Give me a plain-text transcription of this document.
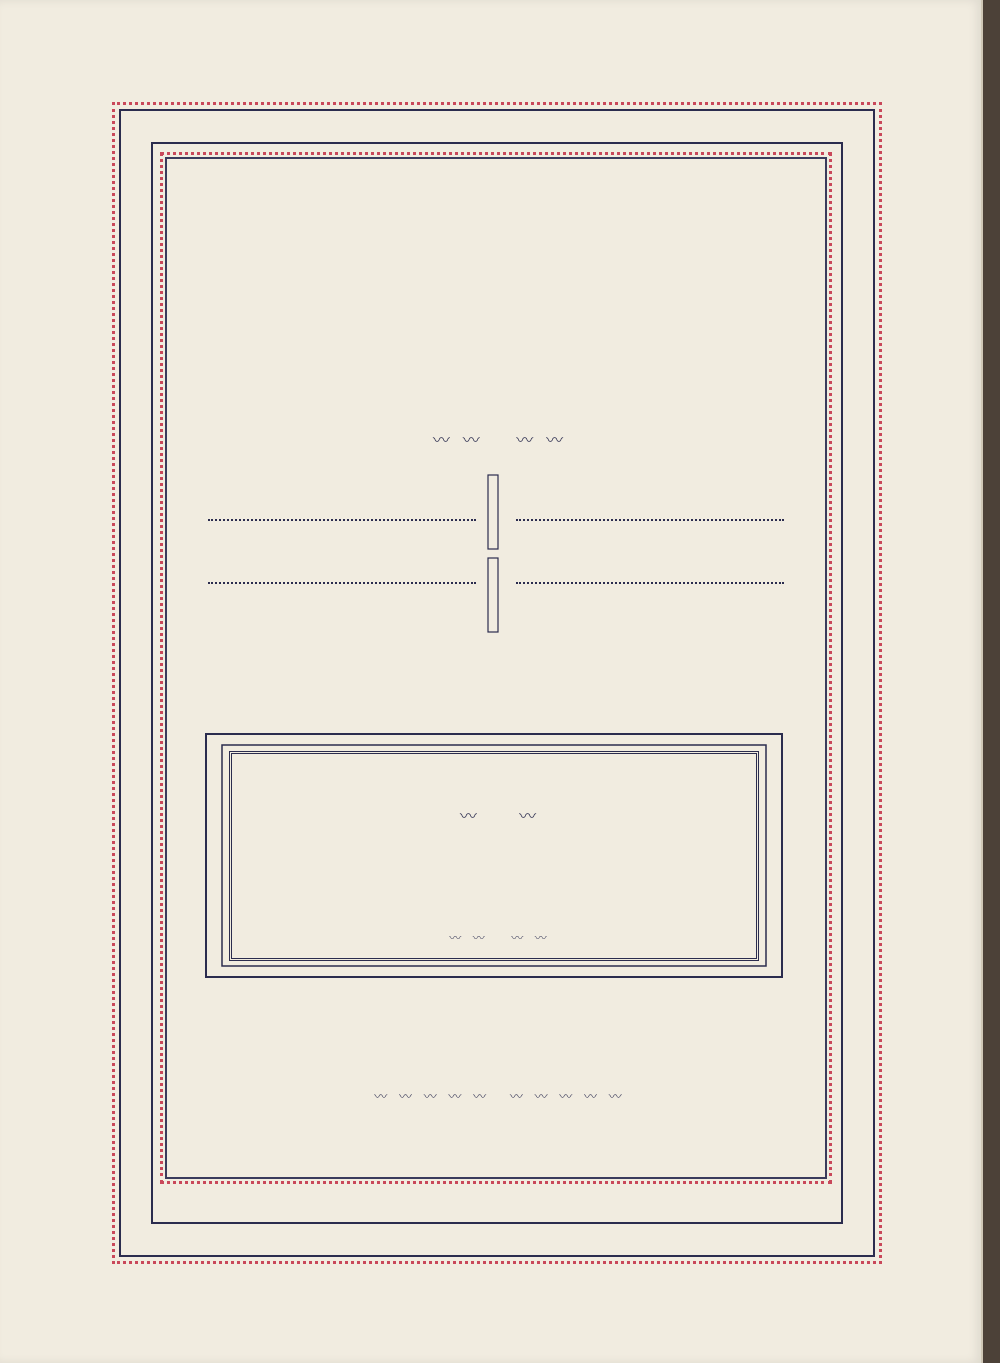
〰 〰 〰 〰
〰 〰
〰 〰 〰 〰
〰 〰 〰 〰 〰 〰 〰 〰 〰 〰
